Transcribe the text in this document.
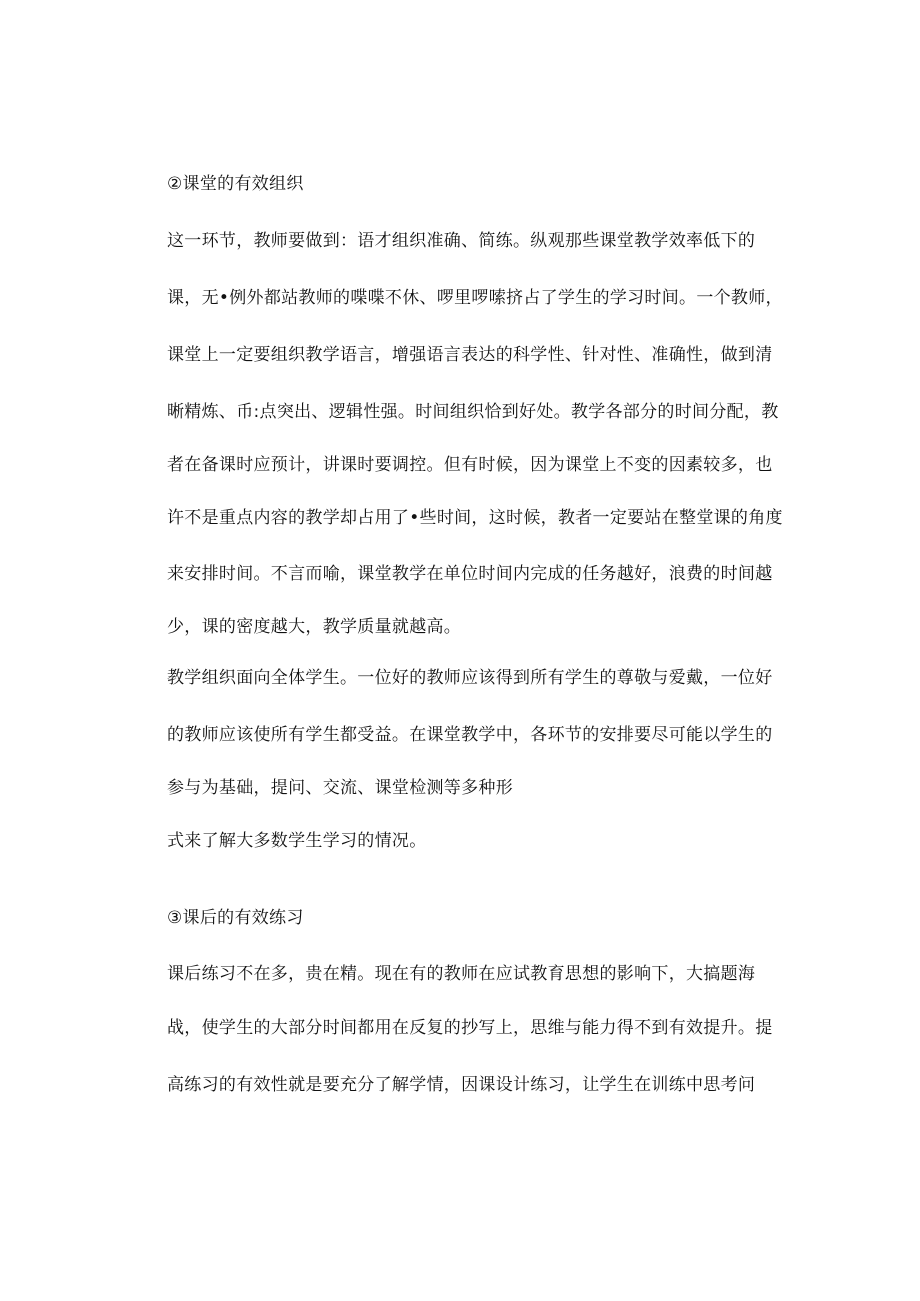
②课堂的有效组织
这一环节，教师要做到：语才组织准确、简练。纵观那些课堂教学效率低下的
课，无•例外都站教师的喋喋不休、啰里啰嗦挤占了学生的学习时间。一个教师，
课堂上一定要组织教学语言，增强语言表达的科学性、针对性、准确性，做到清
晰精炼、币:点突出、逻辑性强。时间组织恰到好处。教学各部分的时间分配，教
者在备课时应预计，讲课时要调控。但有时候，因为课堂上不变的因素较多，也
许不是重点内容的教学却占用了•些时间，这时候，教者一定要站在整堂课的角度
来安排时间。不言而喻，课堂教学在单位时间内完成的任务越好，浪费的时间越
少，课的密度越大，教学质量就越高。
教学组织面向全体学生。一位好的教师应该得到所有学生的尊敬与爱戴，一位好
的教师应该使所有学生都受益。在课堂教学中，各环节的安排要尽可能以学生的
参与为基础，提问、交流、课堂检测等多种形
式来了解大多数学生学习的情况。
③课后的有效练习
课后练习不在多，贵在精。现在有的教师在应试教育思想的影响下，大搞题海
战，使学生的大部分时间都用在反复的抄写上，思维与能力得不到有效提升。提
高练习的有效性就是要充分了解学情，因课设计练习，让学生在训练中思考问
